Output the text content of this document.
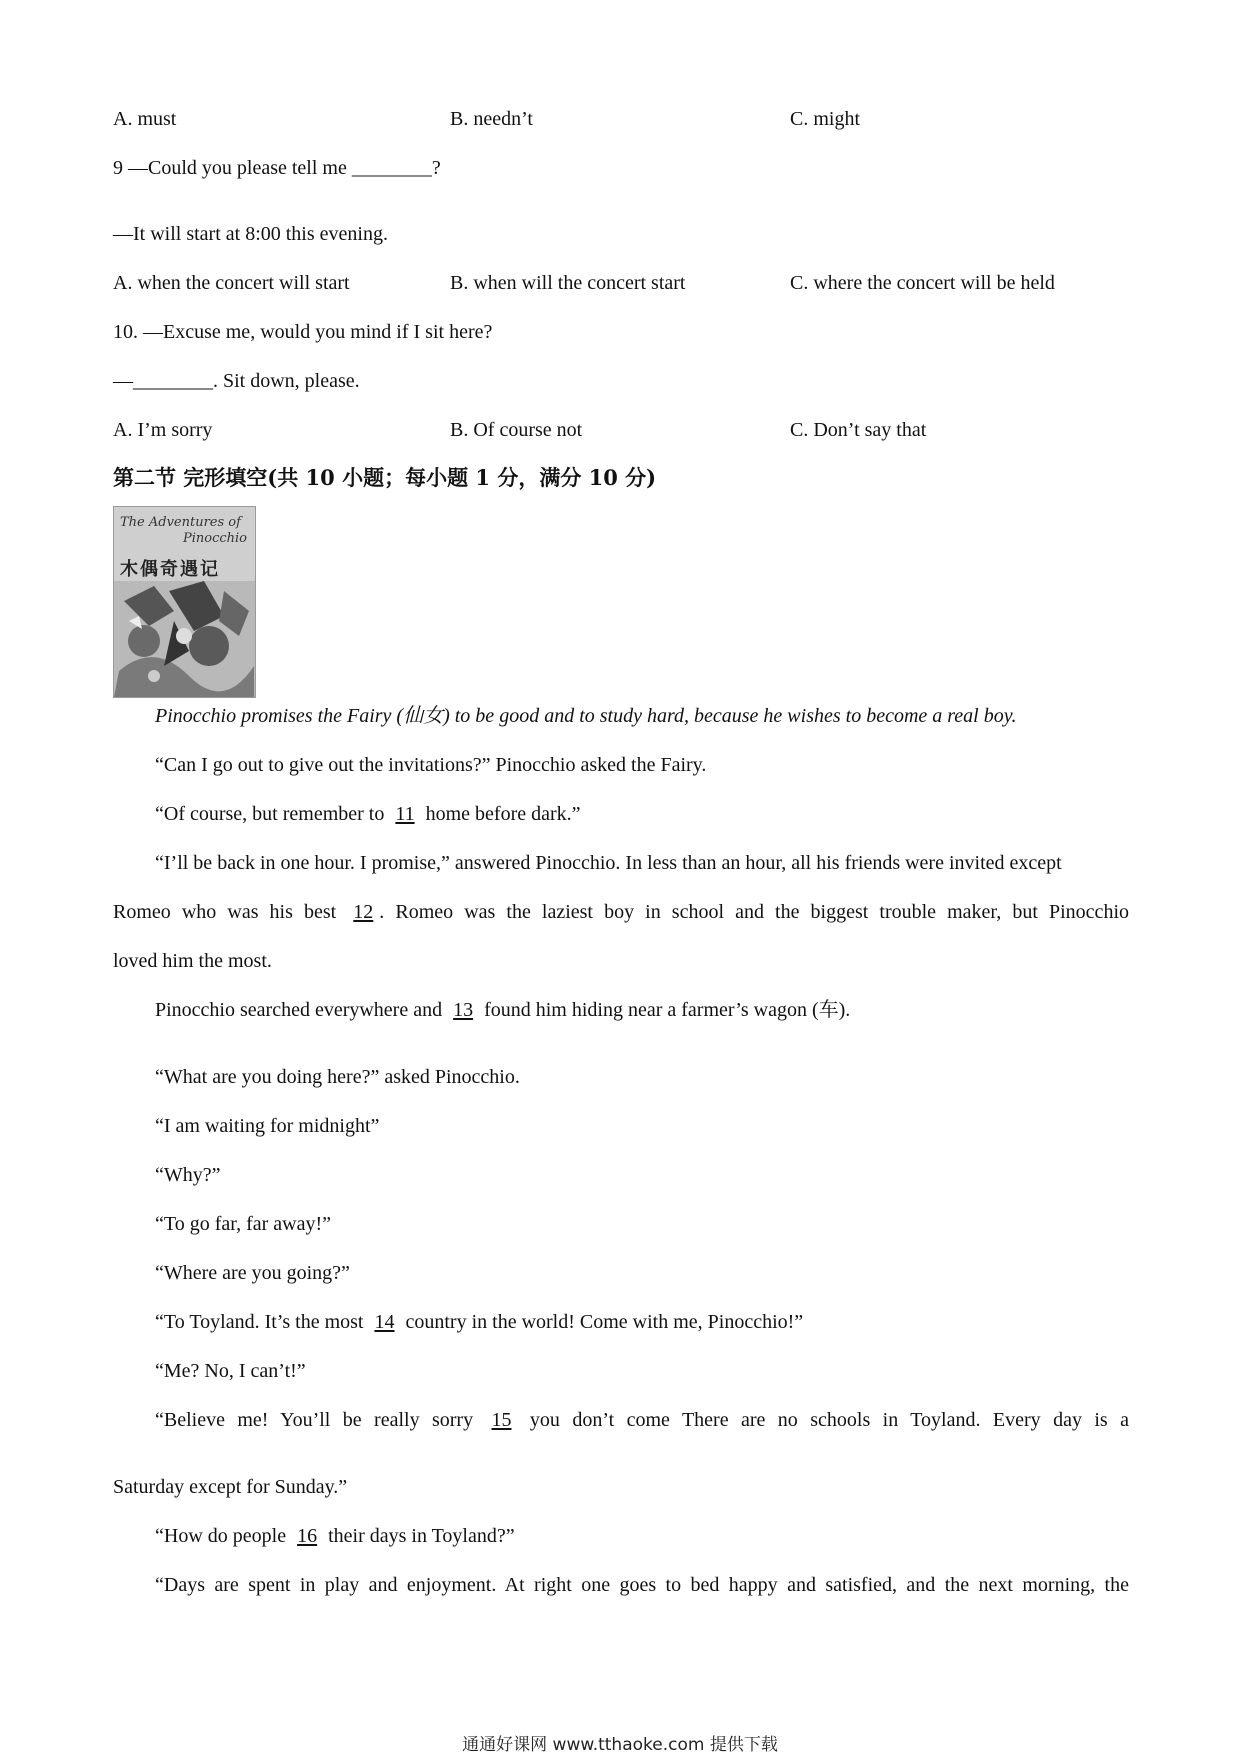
A. must	B. needn’t	C. might
9 —Could you please tell me ________?
—It will start at 8:00 this evening.
A. when the concert will start	B. when will the concert start	C. where the concert will be held
10. —Excuse me, would you mind if I sit here?
—________. Sit down, please.
A. I’m sorry	B. Of course not	C. Don’t say that
第二节 完形填空(共 10 小题；每小题 1 分，满分 10 分)
The Adventures of
Pinocchio
木偶奇遇记
Pinocchio promises the Fairy (仙女) to be good and to study hard, because he wishes to become a real boy.
“Can I go out to give out the invitations?” Pinocchio asked the Fairy.
“Of course, but remember to 11 home before dark.”
“I’ll be back in one hour. I promise,” answered Pinocchio. In less than an hour, all his friends were invited except
Romeo who was his best 12 . Romeo was the laziest boy in school and the biggest trouble maker, but Pinocchio
loved him the most.
Pinocchio searched everywhere and 13 found him hiding near a farmer’s wagon (车).
“What are you doing here?” asked Pinocchio.
“I am waiting for midnight”
“Why?”
“To go far, far away!”
“Where are you going?”
“To Toyland. It’s the most 14 country in the world! Come with me, Pinocchio!”
“Me? No, I can’t!”
“Believe me! You’ll be really sorry 15 you don’t come There are no schools in Toyland. Every day is a
Saturday except for Sunday.”
“How do people 16 their days in Toyland?”
“Days are spent in play and enjoyment. At right one goes to bed happy and satisfied, and the next morning, the
通通好课网 www.tthaoke.com 提供下载
